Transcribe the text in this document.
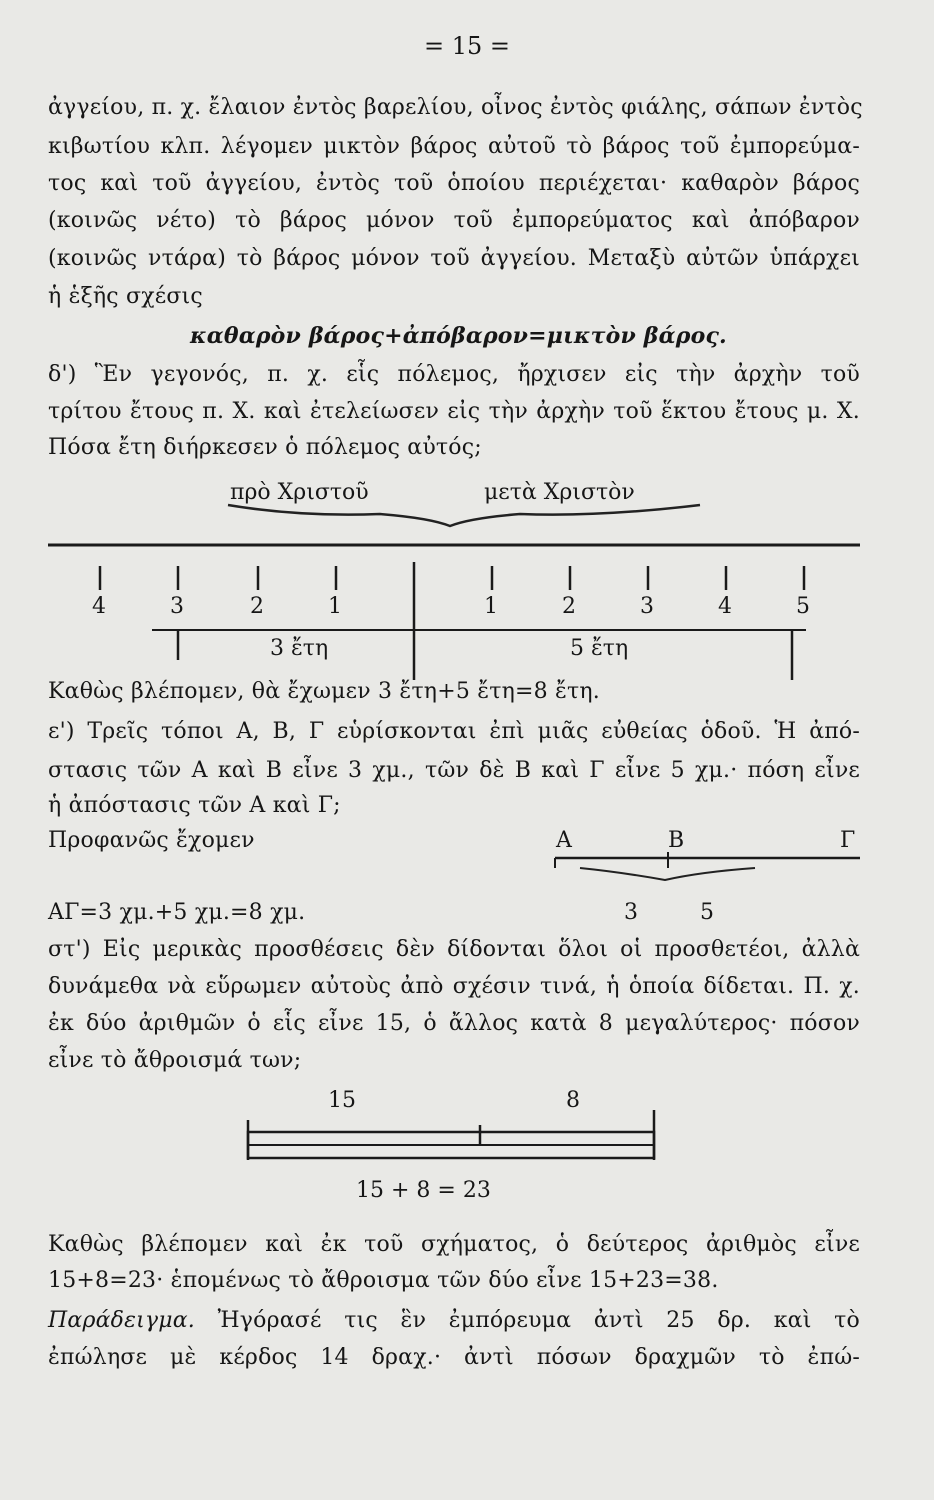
= 15 =
ἀγγείου, π. χ. ἔλαιον ἐντὸς βαρελίου, οἶνος ἐντὸς φιάλης, σάπων ἐντὸς
κιβωτίου κλπ. λέγομεν μικτὸν βάρος αὐτοῦ τὸ βάρος τοῦ ἐμπορεύμα-
τος καὶ τοῦ ἀγγείου, ἐντὸς τοῦ ὁποίου περιέχεται· καθαρὸν βάρος
(κοινῶς νέτο) τὸ βάρος μόνον τοῦ ἐμπορεύματος καὶ ἀπόβαρον
(κοινῶς ντάρα) τὸ βάρος μόνον τοῦ ἀγγείου. Μεταξὺ αὐτῶν ὑπάρχει
ἡ ἑξῆς σχέσις
καθαρὸν βάρος+ἀπόβαρον=μικτὸν βάρος.
δ') Ἓν γεγονός, π. χ. εἷς πόλεμος, ἤρχισεν εἰς τὴν ἀρχὴν τοῦ
τρίτου ἔτους π. Χ. καὶ ἐτελείωσεν εἰς τὴν ἀρχὴν τοῦ ἕκτου ἔτους μ. Χ.
Πόσα ἔτη διήρκεσεν ὁ πόλεμος αὐτός;
πρὸ Χριστοῦ	μετὰ Χριστὸν
4	3	2	1	1	2	3	4	5
3 ἔτη	5 ἔτη
Καθὼς βλέπομεν, θὰ ἔχωμεν 3 ἔτη+5 ἔτη=8 ἔτη.
ε') Τρεῖς τόποι Α, Β, Γ εὑρίσκονται ἐπὶ μιᾶς εὐθείας ὁδοῦ. Ἡ ἀπό-
στασις τῶν Α καὶ Β εἶνε 3 χμ., τῶν δὲ Β καὶ Γ εἶνε 5 χμ.· πόση εἶνε
ἡ ἀπόστασις τῶν Α καὶ Γ;
Προφανῶς ἔχομεν	Α	Β	Γ
ΑΓ=3 χμ.+5 χμ.=8 χμ.	3	5
στ') Εἰς μερικὰς προσθέσεις δὲν δίδονται ὅλοι οἱ προσθετέοι, ἀλλὰ
δυνάμεθα νὰ εὕρωμεν αὐτοὺς ἀπὸ σχέσιν τινά, ἡ ὁποία δίδεται. Π. χ.
ἐκ δύο ἀριθμῶν ὁ εἷς εἶνε 15, ὁ ἄλλος κατὰ 8 μεγαλύτερος· πόσον
εἶνε τὸ ἄθροισμά των;
15	8
15 + 8 = 23
Καθὼς βλέπομεν καὶ ἐκ τοῦ σχήματος, ὁ δεύτερος ἀριθμὸς εἶνε
15+8=23· ἑπομένως τὸ ἄθροισμα τῶν δύο εἶνε 15+23=38.
Παράδειγμα. Ἠγόρασέ τις ἓν ἐμπόρευμα ἀντὶ 25 δρ. καὶ τὸ
ἐπώλησε μὲ κέρδος 14 δραχ.· ἀντὶ πόσων δραχμῶν τὸ ἐπώ-
